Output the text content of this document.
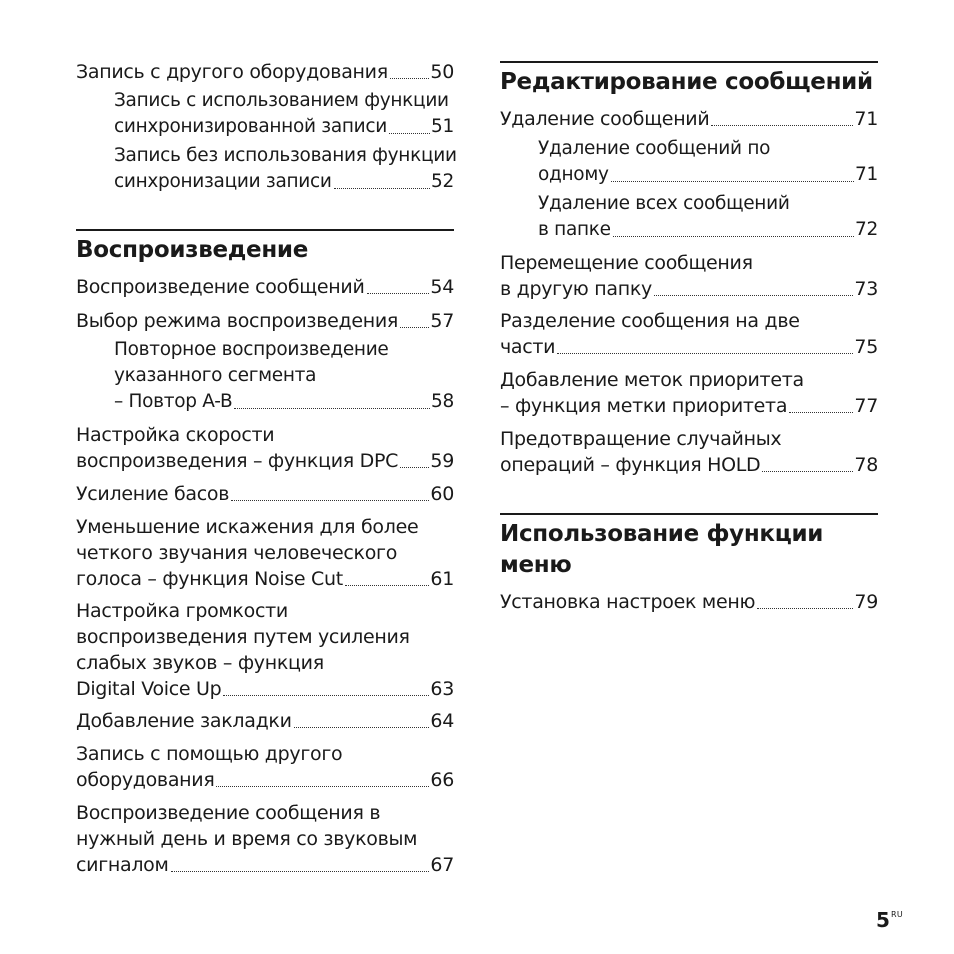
Запись с другого оборудования 50
Запись с использованием функции
синхронизированной записи 51
Запись без использования функции
синхронизации записи	52
Воспроизведение
Воспроизведение сообщений	54
Выбор режима воспроизведения 57
Повторное воспроизведение
указанного сегмента
– Повтор A-B	58
Настройка скорости
воспроизведения – функция DPC 59
Усиление басов	60
Уменьшение искажения для более
четкого звучания человеческого
голоса – функция Noise Cut	61
Настройка громкости
воспроизведения путем усиления
слабых звуков – функция
Digital Voice Up	63
Добавление закладки	64
Запись с помощью другого
оборудования	66
Воспроизведение сообщения в
нужный день и время со звуковым
сигналом	67
Редактирование сообщений
Удаление сообщений	71
Удаление сообщений по
одному	71
Удаление всех сообщений
в папке	72
Перемещение сообщения
в другую папку	73
Разделение сообщения на две
части	75
Добавление меток приоритета
– функция метки приоритета	77
Предотвращение случайных
операций – функция HOLD	78
Использование функции
меню
Установка настроек меню	79
5 RU
